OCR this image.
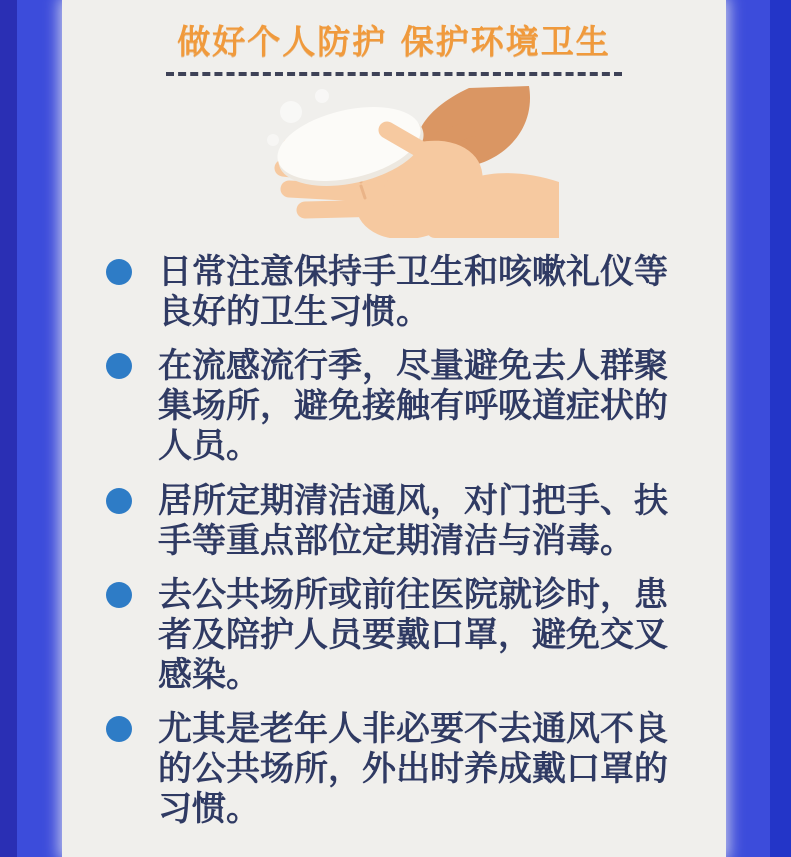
做好个人防护 保护环境卫生
日常注意保持手卫生和咳嗽礼仪等良好的卫生习惯。
在流感流行季，尽量避免去人群聚集场所，避免接触有呼吸道症状的人员。
居所定期清洁通风，对门把手、扶手等重点部位定期清洁与消毒。
去公共场所或前往医院就诊时，患者及陪护人员要戴口罩，避免交叉感染。
尤其是老年人非必要不去通风不良的公共场所，外出时养成戴口罩的习惯。
